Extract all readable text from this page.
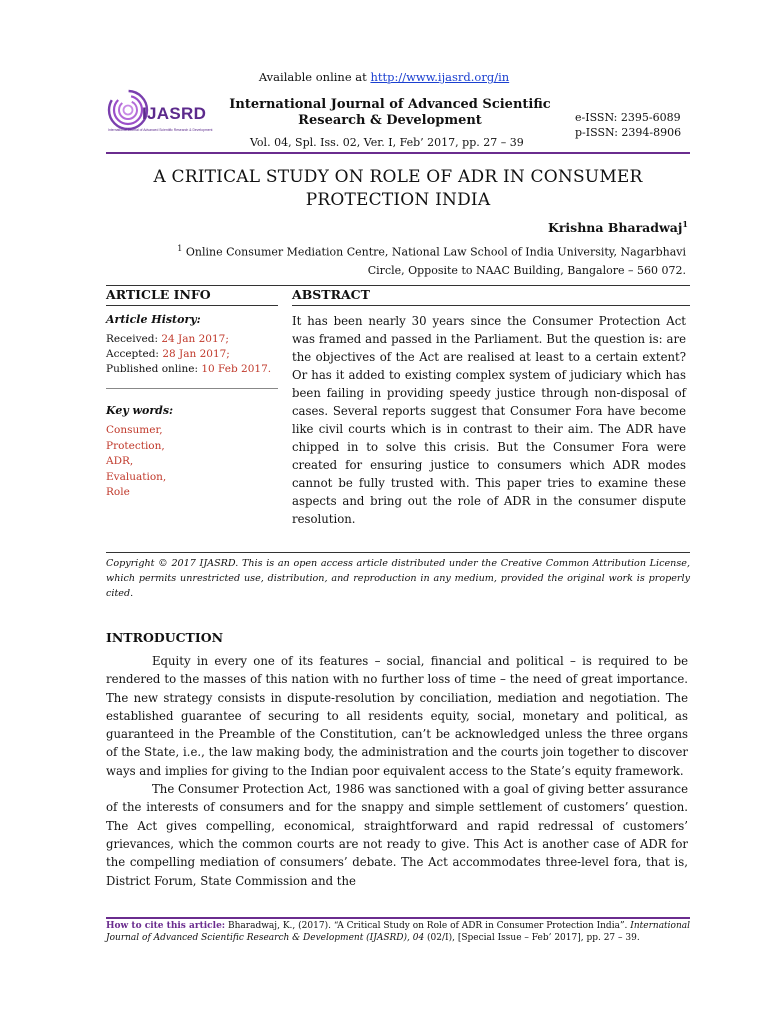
Available online at http://www.ijasrd.org/in
IJASRD
International Journal of Advanced Scientific Research & Development
International Journal of Advanced Scientific
Research & Development	e-ISSN: 2395-6089
p-ISSN: 2394-8906
Vol. 04, Spl. Iss. 02, Ver. I, Feb’ 2017, pp. 27 – 39
A CRITICAL STUDY ON ROLE OF ADR IN CONSUMER
PROTECTION INDIA
Krishna Bharadwaj$^1$
$^1$ Online Consumer Mediation Centre, National Law School of India University, Nagarbhavi
Circle, Opposite to NAAC Building, Bangalore – 560 072.
ARTICLE INFO	ABSTRACT
Article History:
Received: 24 Jan 2017;
Accepted: 28 Jan 2017;
Published online: 10 Feb 2017.
Key words:
Consumer,
Protection,
ADR,
Evaluation,
Role
It has been nearly 30 years since the Consumer Protection Act was framed and passed in the Parliament. But the question is: are the objectives of the Act are realised at least to a certain extent? Or has it added to existing complex system of judiciary which has been failing in providing speedy justice through non-disposal of cases. Several reports suggest that Consumer Fora have become like civil courts which is in contrast to their aim. The ADR have chipped in to solve this crisis. But the Consumer Fora were created for ensuring justice to consumers which ADR modes cannot be fully trusted with. This paper tries to examine these aspects and bring out the role of ADR in the consumer dispute resolution.
Copyright © 2017 IJASRD. This is an open access article distributed under the Creative Common Attribution License, which permits unrestricted use, distribution, and reproduction in any medium, provided the original work is properly cited.
INTRODUCTION

Equity in every one of its features – social, financial and political – is required to be rendered to the masses of this nation with no further loss of time – the need of great importance. The new strategy consists in dispute-resolution by conciliation, mediation and negotiation. The established guarantee of securing to all residents equity, social, monetary and political, as guaranteed in the Preamble of the Constitution, can’t be acknowledged unless the three organs of the State, i.e., the law making body, the administration and the courts join together to discover ways and implies for giving to the Indian poor equivalent access to the State’s equity framework.

The Consumer Protection Act, 1986 was sanctioned with a goal of giving better assurance of the interests of consumers and for the snappy and simple settlement of customers’ question. The Act gives compelling, economical, straightforward and rapid redressal of customers’ grievances, which the common courts are not ready to give. This Act is another case of ADR for the compelling mediation of consumers’ debate. The Act accommodates three-level fora, that is, District Forum, State Commission and the

How to cite this article: Bharadwaj, K., (2017). “A Critical Study on Role of ADR in Consumer Protection India”. International Journal of Advanced Scientific Research & Development (IJASRD), 04 (02/I), [Special Issue – Feb’ 2017], pp. 27 – 39.
